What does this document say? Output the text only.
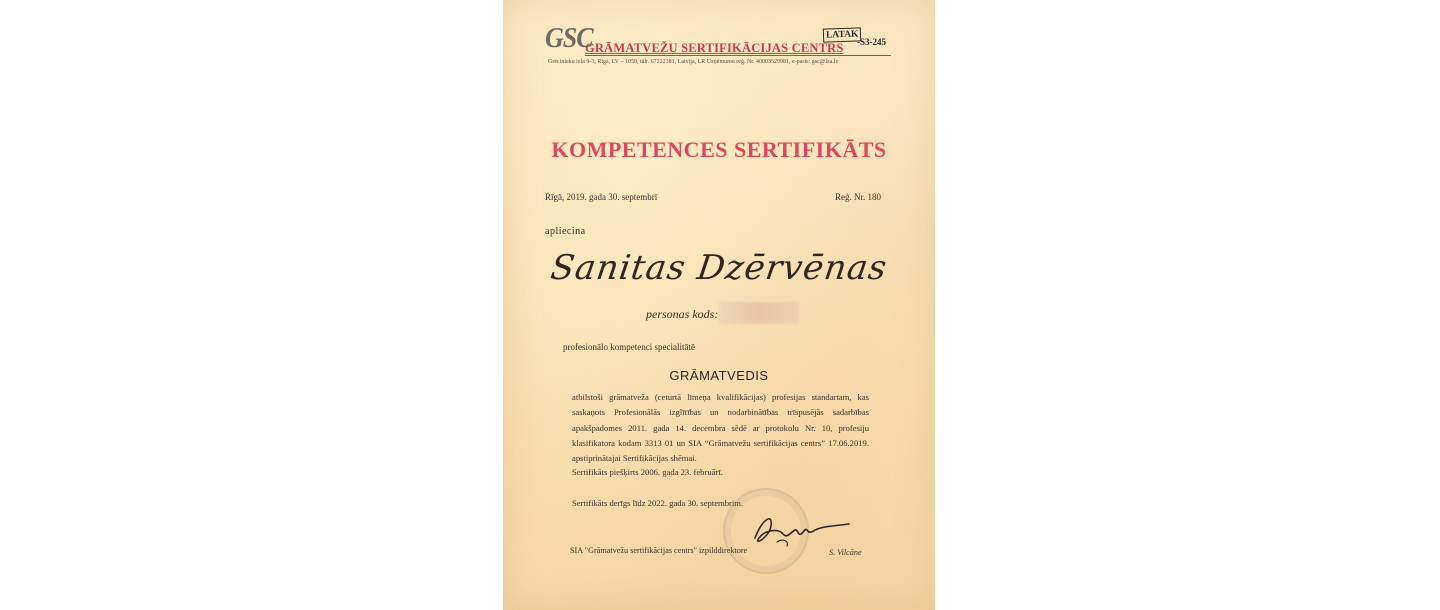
GSC
GRĀMATVEŽU SERTIFIKĀCIJAS CENTRS
LATAK
-S3-245
Grēcinieku iela 9-3, Rīgā, LV – 1050, tālr. 67222381, Latvija, LR Uzņēmumu reģ. Nr. 40003529981, e-pasts: gsc@lza.lv
KOMPETENCES SERTIFIKĀTS
Rīgā, 2019. gada 30. septembrī	Reģ. Nr. 180
apliecina
Sanitas Dzērvēnas
personas kods:
profesionālo kompetenci specialitātē
GRĀMATVEDIS

atbilstoši grāmatveža (ceturtā līmeņa kvalifikācijas) profesijas standartam, kas saskaņots Profesionālās izglītības un nodarbinātības trīspusējās sadarbības apakšpadomes 2011. gada 14. decembra sēdē ar protokolu Nr. 10, profesiju klasifikatora kodam 3313 01 un SIA “Grāmatvežu sertifikācijas centrs” 17.06.2019. apstiprinātajai Sertifikācijas shēmai.

Sertifikāts piešķirts 2006. gada 23. februārī.
Sertifikāts derīgs līdz 2022. gada 30. septembrim.
SIA "Grāmatvežu sertifikācijas centrs" izpilddirektore	S. Vilcāne
